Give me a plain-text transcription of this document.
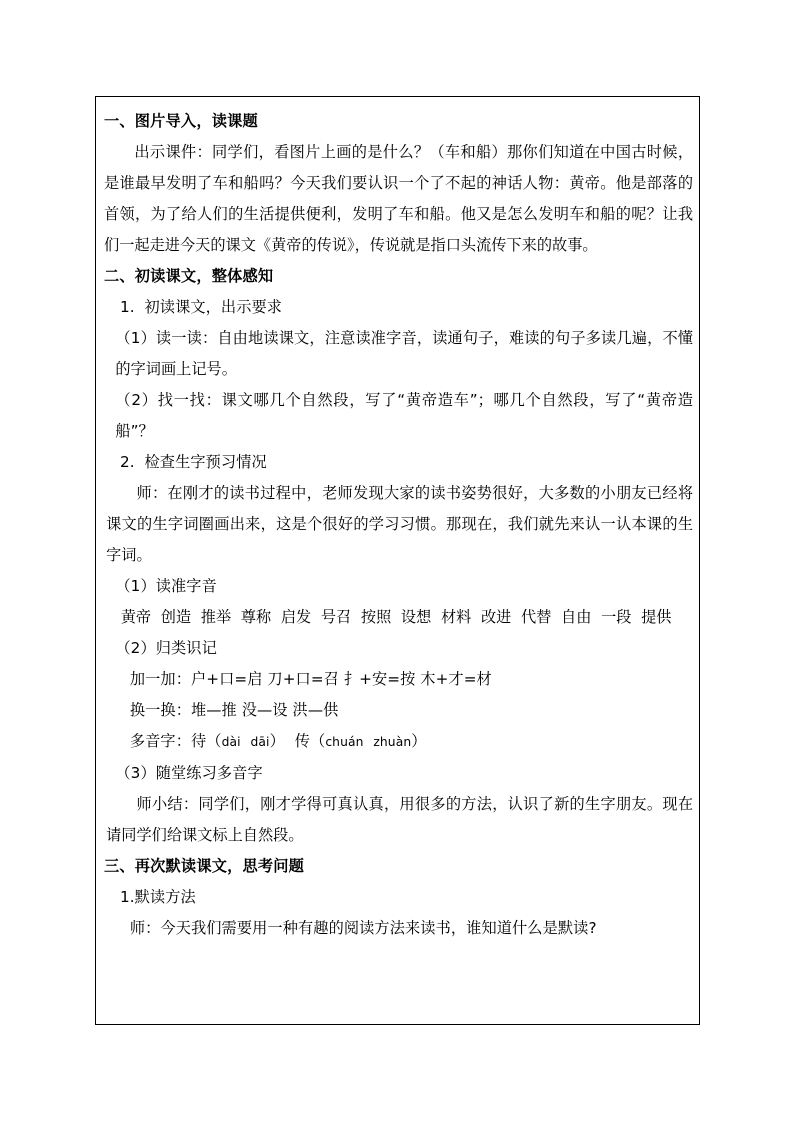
一、图片导入，读课题

出示课件：同学们，看图片上画的是什么？（车和船）那你们知道在中国古时候，是谁最早发明了车和船吗？今天我们要认识一个了不起的神话人物：黄帝。他是部落的首领，为了给人们的生活提供便利，发明了车和船。他又是怎么发明车和船的呢？让我们一起走进今天的课文《黄帝的传说》，传说就是指口头流传下来的故事。

二、初读课文，整体感知

1.  初读课文，出示要求

（1）读一读：自由地读课文，注意读准字音，读通句子，难读的句子多读几遍，不懂的字词画上记号。

（2）找一找：课文哪几个自然段，写了“黄帝造车”；哪几个自然段，写了“黄帝造船”？

2.  检查生字预习情况

师：在刚才的读书过程中，老师发现大家的读书姿势很好，大多数的小朋友已经将课文的生字词圈画出来，这是个很好的学习习惯。那现在，我们就先来认一认本课的生字词。

（1）读准字音

黄帝  创造  推举  尊称  启发  号召  按照  设想  材料  改进  代替  自由  一段  提供

（2）归类识记

加一加：户+口=启 刀+口=召 扌+安=按 木+才=材

换一换：堆—推 没—设 洪—供

多音字：待（dài dāi） 传（chuán zhuàn）

（3）随堂练习多音字

师小结：同学们，刚才学得可真认真，用很多的方法，认识了新的生字朋友。现在请同学们给课文标上自然段。

三、再次默读课文，思考问题

1.默读方法

师：今天我们需要用一种有趣的阅读方法来读书，谁知道什么是默读?
